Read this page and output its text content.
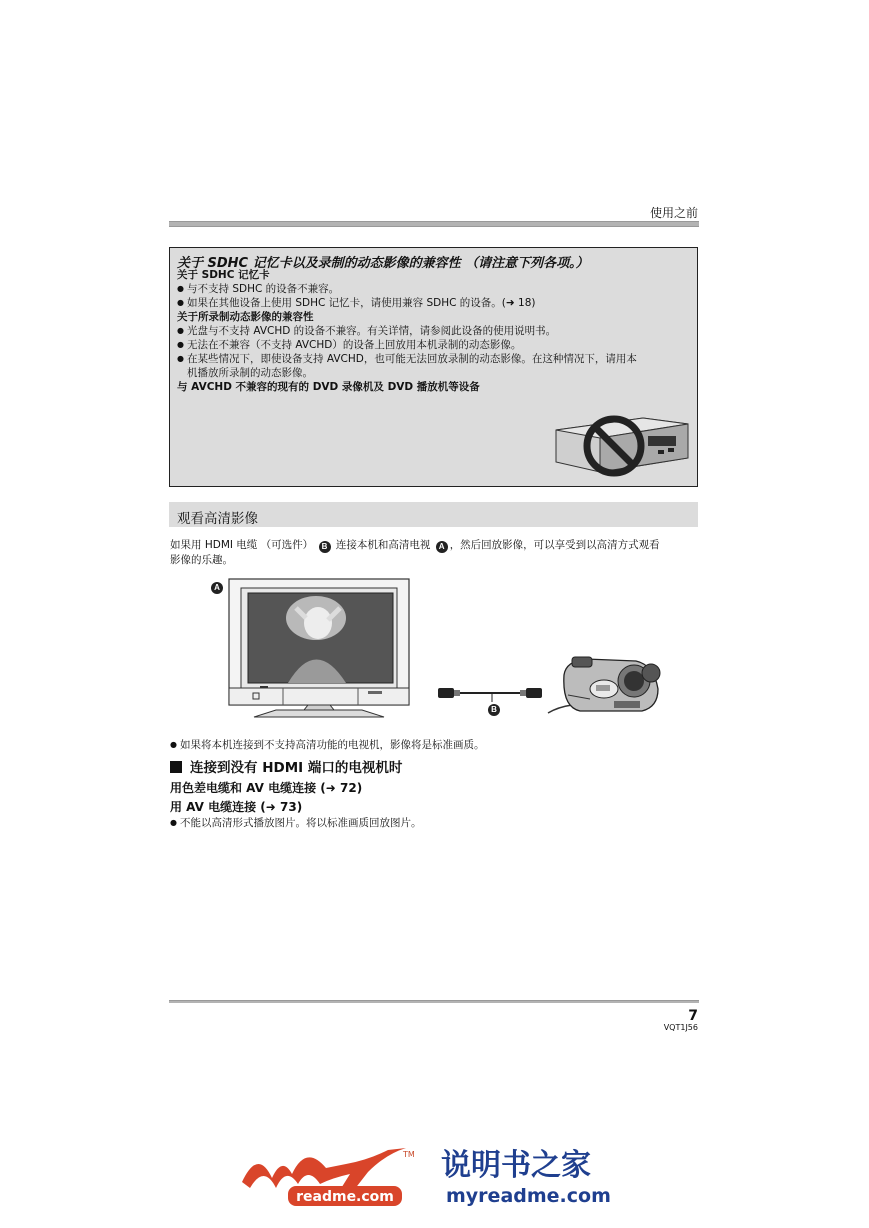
使用之前
关于 SDHC 记忆卡以及录制的动态影像的兼容性 （请注意下列各项。）
关于 SDHC 记忆卡
● 与不支持 SDHC 的设备不兼容。
● 如果在其他设备上使用 SDHC 记忆卡，请使用兼容 SDHC 的设备。(➜ 18)
关于所录制动态影像的兼容性
● 光盘与不支持 AVCHD 的设备不兼容。有关详情，请参阅此设备的使用说明书。
● 无法在不兼容（不支持 AVCHD）的设备上回放用本机录制的动态影像。
● 在某些情况下，即使设备支持 AVCHD，也可能无法回放录制的动态影像。在这种情况下，请用本
机播放所录制的动态影像。
与 AVCHD 不兼容的现有的 DVD 录像机及 DVD 播放机等设备
观看高清影像
如果用 HDMI 电缆 （可选件） B 连接本机和高清电视 A ，然后回放影像，可以享受到以高清方式观看
影像的乐趣。
A
B
● 如果将本机连接到不支持高清功能的电视机，影像将是标准画质。
连接到没有 HDMI 端口的电视机时
用色差电缆和 AV 电缆连接 (➜ 72)
用 AV 电缆连接 (➜ 73)
● 不能以高清形式播放图片。将以标准画质回放图片。
7
VQT1J56
readme.com
说明书之家
myreadme.com
TM
